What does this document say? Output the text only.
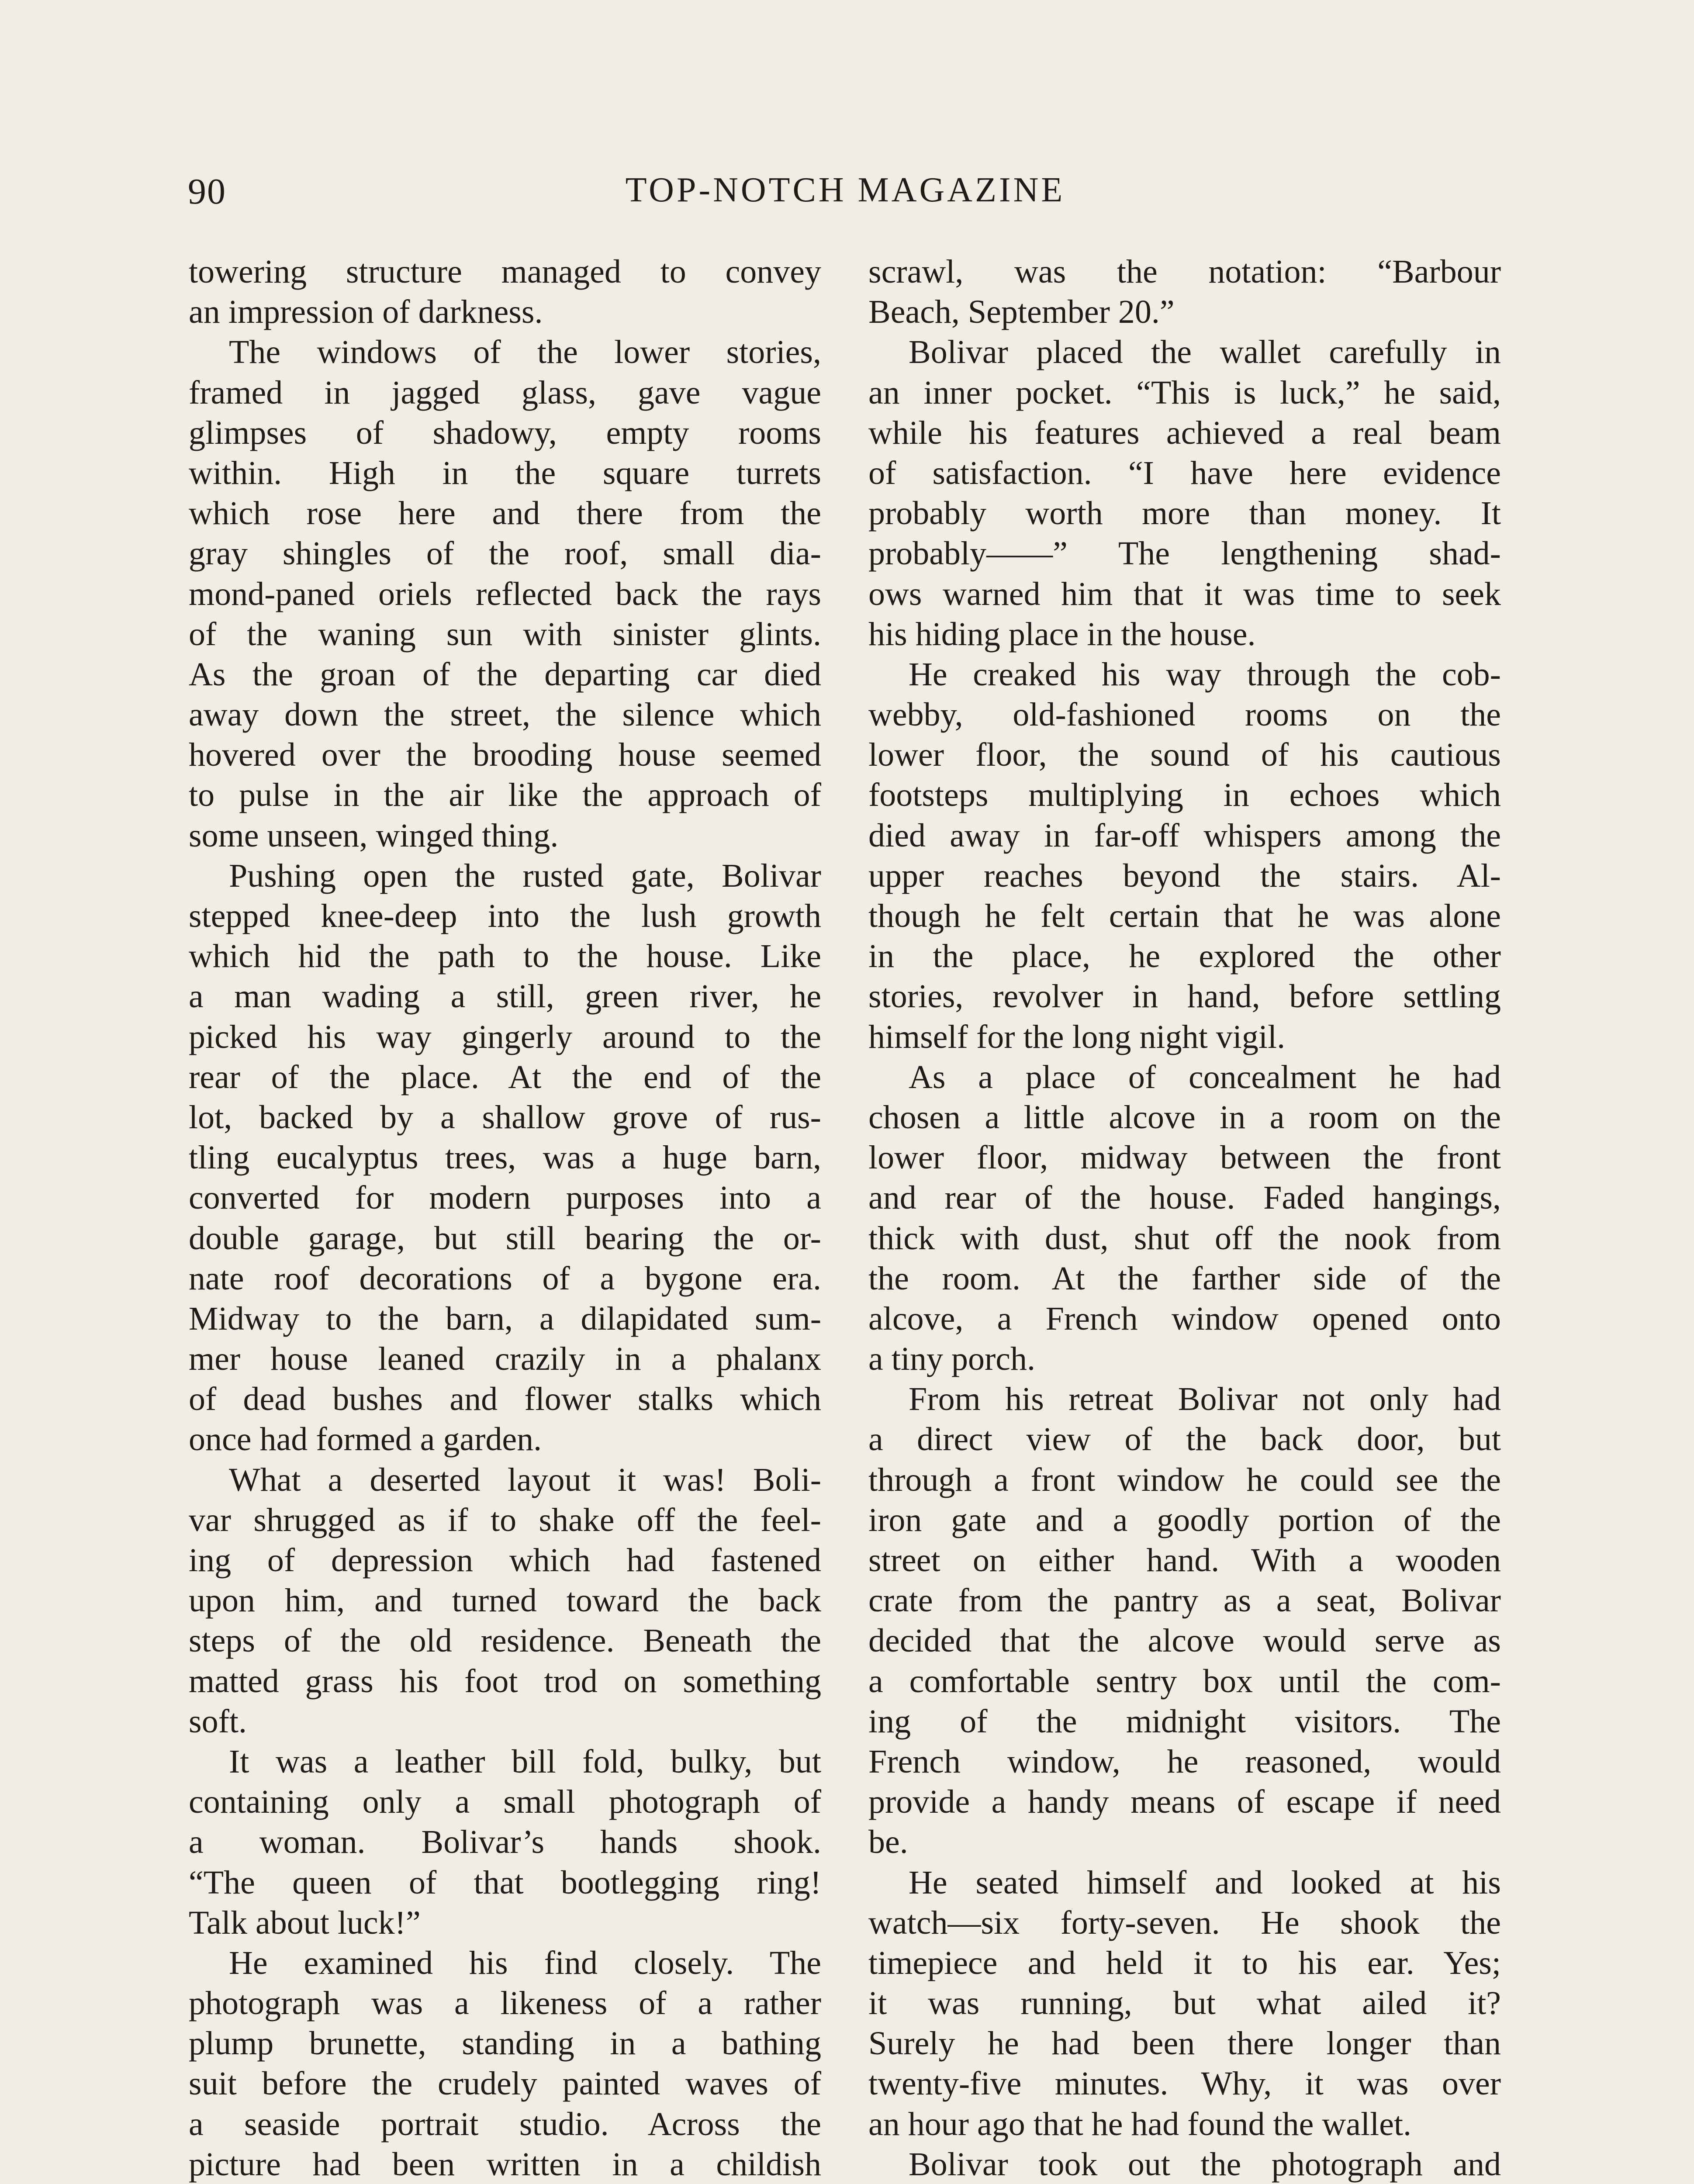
90	TOP-NOTCH MAGAZINE
towering structure managed to convey
an impression of darkness.
The windows of the lower stories,
framed in jagged glass, gave vague
glimpses of shadowy, empty rooms
within. High in the square turrets
which rose here and there from the
gray shingles of the roof, small dia-
mond-paned oriels reflected back the rays
of the waning sun with sinister glints.
As the groan of the departing car died
away down the street, the silence which
hovered over the brooding house seemed
to pulse in the air like the approach of
some unseen, winged thing.
Pushing open the rusted gate, Bolivar
stepped knee-deep into the lush growth
which hid the path to the house. Like
a man wading a still, green river, he
picked his way gingerly around to the
rear of the place. At the end of the
lot, backed by a shallow grove of rus-
tling eucalyptus trees, was a huge barn,
converted for modern purposes into a
double garage, but still bearing the or-
nate roof decorations of a bygone era.
Midway to the barn, a dilapidated sum-
mer house leaned crazily in a phalanx
of dead bushes and flower stalks which
once had formed a garden.
What a deserted layout it was! Boli-
var shrugged as if to shake off the feel-
ing of depression which had fastened
upon him, and turned toward the back
steps of the old residence. Beneath the
matted grass his foot trod on something
soft.
It was a leather bill fold, bulky, but
containing only a small photograph of
a woman. Bolivar’s hands shook.
“The queen of that bootlegging ring!
Talk about luck!”
He examined his find closely. The
photograph was a likeness of a rather
plump brunette, standing in a bathing
suit before the crudely painted waves of
a seaside portrait studio. Across the
picture had been written in a childish
scrawl, was the notation: “Barbour
Beach, September 20.”
Bolivar placed the wallet carefully in
an inner pocket. “This is luck,” he said,
while his features achieved a real beam
of satisfaction. “I have here evidence
probably worth more than money. It
probably——” The lengthening shad-
ows warned him that it was time to seek
his hiding place in the house.
He creaked his way through the cob-
webby, old-fashioned rooms on the
lower floor, the sound of his cautious
footsteps multiplying in echoes which
died away in far-off whispers among the
upper reaches beyond the stairs. Al-
though he felt certain that he was alone
in the place, he explored the other
stories, revolver in hand, before settling
himself for the long night vigil.
As a place of concealment he had
chosen a little alcove in a room on the
lower floor, midway between the front
and rear of the house. Faded hangings,
thick with dust, shut off the nook from
the room. At the farther side of the
alcove, a French window opened onto
a tiny porch.
From his retreat Bolivar not only had
a direct view of the back door, but
through a front window he could see the
iron gate and a goodly portion of the
street on either hand. With a wooden
crate from the pantry as a seat, Bolivar
decided that the alcove would serve as
a comfortable sentry box until the com-
ing of the midnight visitors. The
French window, he reasoned, would
provide a handy means of escape if need
be.
He seated himself and looked at his
watch—six forty-seven. He shook the
timepiece and held it to his ear. Yes;
it was running, but what ailed it?
Surely he had been there longer than
twenty-five minutes. Why, it was over
an hour ago that he had found the wallet.
Bolivar took out the photograph and
